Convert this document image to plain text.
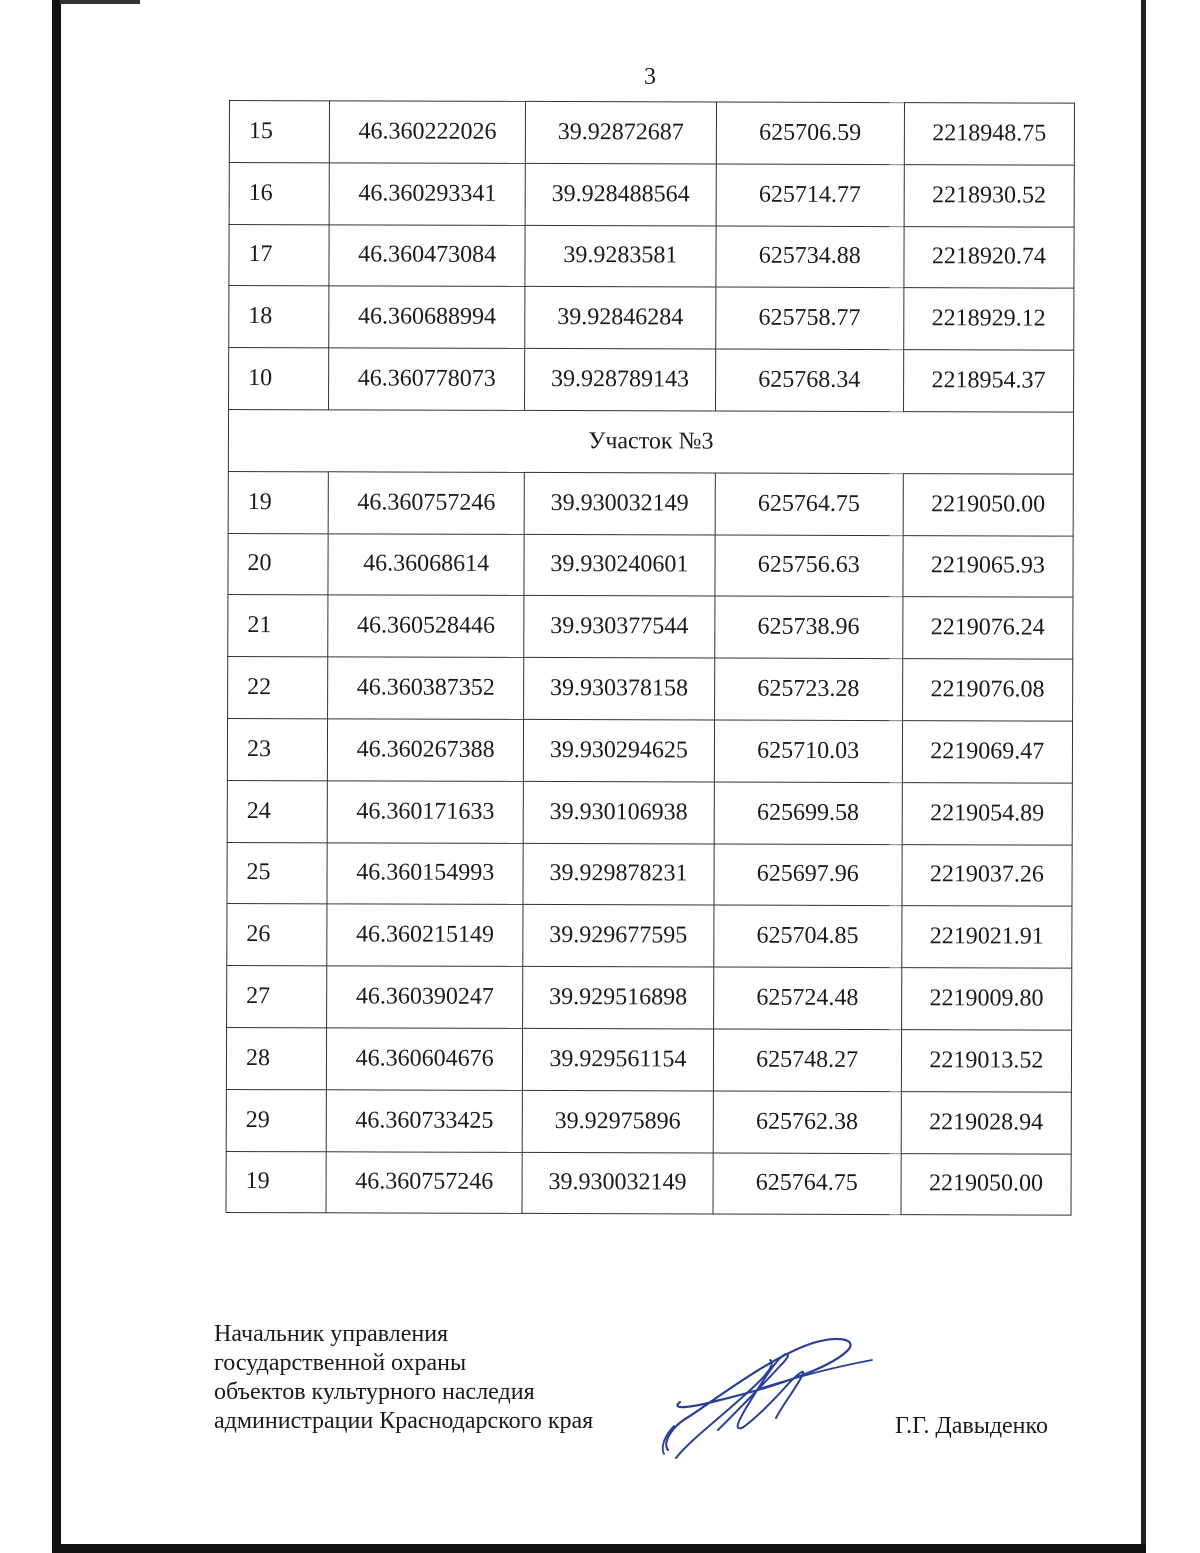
3
15	46.360222026	39.92872687	625706.59	2218948.75
16	46.360293341	39.928488564	625714.77	2218930.52
17	46.360473084	39.9283581	625734.88	2218920.74
18	46.360688994	39.92846284	625758.77	2218929.12
10	46.360778073	39.928789143	625768.34	2218954.37
Участок №3				
19	46.360757246	39.930032149	625764.75	2219050.00
20	46.36068614	39.930240601	625756.63	2219065.93
21	46.360528446	39.930377544	625738.96	2219076.24
22	46.360387352	39.930378158	625723.28	2219076.08
23	46.360267388	39.930294625	625710.03	2219069.47
24	46.360171633	39.930106938	625699.58	2219054.89
25	46.360154993	39.929878231	625697.96	2219037.26
26	46.360215149	39.929677595	625704.85	2219021.91
27	46.360390247	39.929516898	625724.48	2219009.80
28	46.360604676	39.929561154	625748.27	2219013.52
29	46.360733425	39.92975896	625762.38	2219028.94
19	46.360757246	39.930032149	625764.75	2219050.00
Начальник управления
государственной охраны
объектов культурного наследия
администрации Краснодарского края	Г.Г. Давыденко
